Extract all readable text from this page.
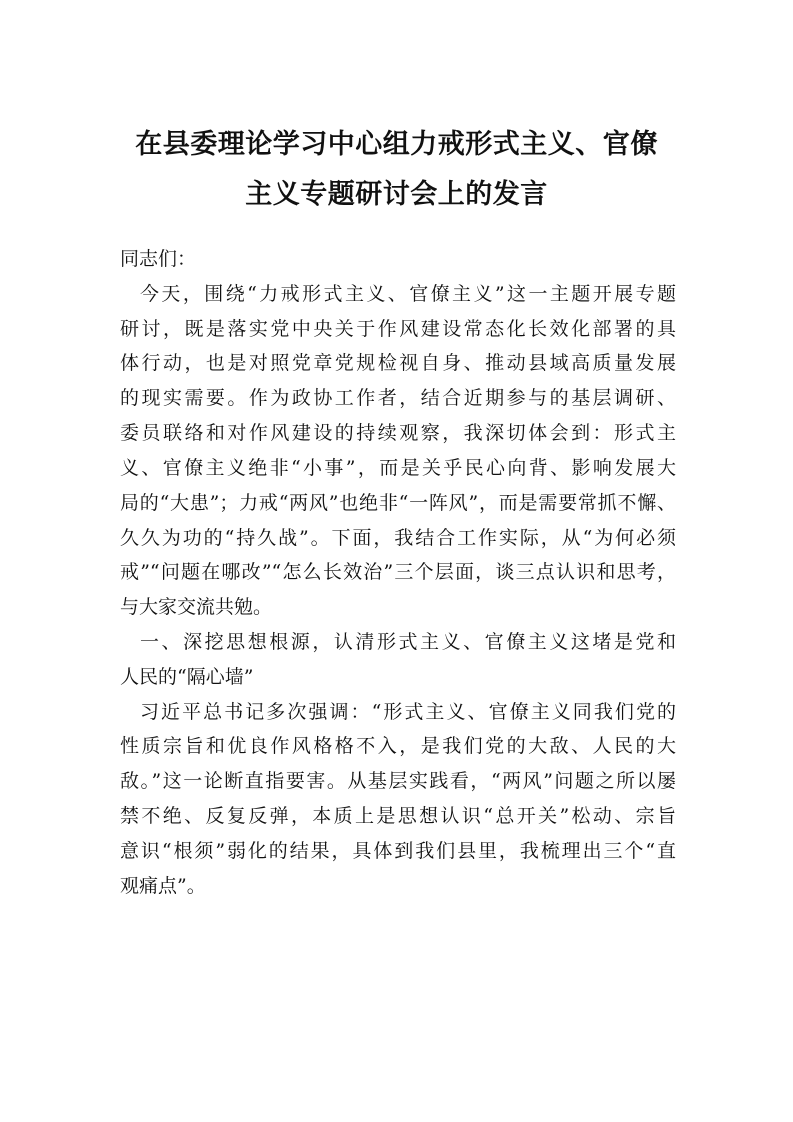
在县委理论学习中心组力戒形式主义、官僚
主义专题研讨会上的发言
同志们：
今天，围绕“力戒形式主义、官僚主义”这一主题开展专题
研讨，既是落实党中央关于作风建设常态化长效化部署的具
体行动，也是对照党章党规检视自身、推动县域高质量发展
的现实需要。作为政协工作者，结合近期参与的基层调研、
委员联络和对作风建设的持续观察，我深切体会到：形式主
义、官僚主义绝非“小事”，而是关乎民心向背、影响发展大
局的“大患”；力戒“两风”也绝非“一阵风”，而是需要常抓不懈、
久久为功的“持久战”。下面，我结合工作实际，从“为何必须
戒”“问题在哪改”“怎么长效治”三个层面，谈三点认识和思考，
与大家交流共勉。
一、深挖思想根源，认清形式主义、官僚主义这堵是党和
人民的“隔心墙”
习近平总书记多次强调：“形式主义、官僚主义同我们党的
性质宗旨和优良作风格格不入，是我们党的大敌、人民的大
敌。”这一论断直指要害。从基层实践看，“两风”问题之所以屡
禁不绝、反复反弹，本质上是思想认识“总开关”松动、宗旨
意识“根须”弱化的结果，具体到我们县里，我梳理出三个“直
观痛点”。
